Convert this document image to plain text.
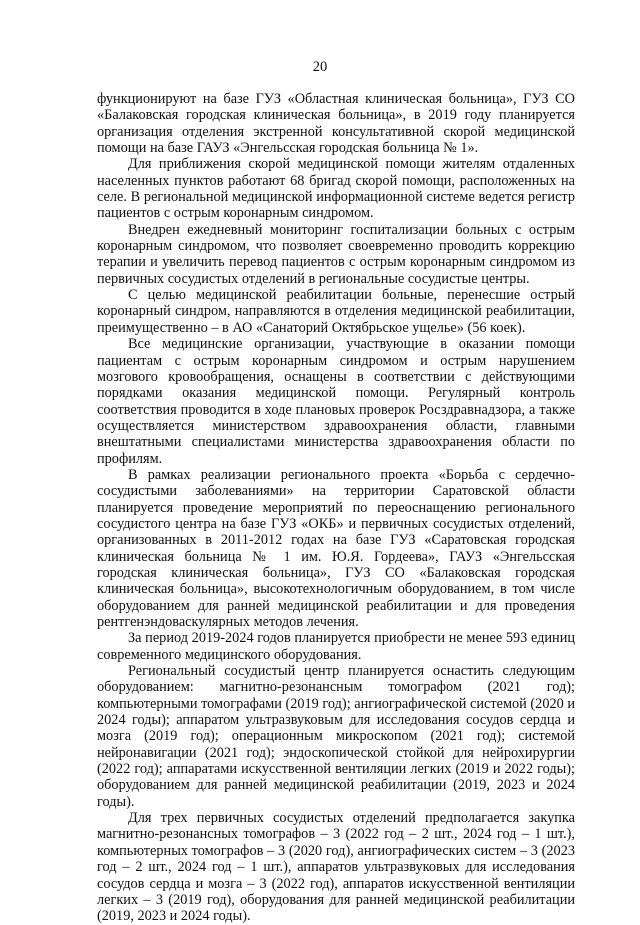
20

функционируют на базе ГУЗ «Областная клиническая больница», ГУЗ СО «Балаковская городская клиническая больница», в 2019 году планируется организация отделения экстренной консультативной скорой медицинской помощи на базе ГАУЗ «Энгельсская городская больница № 1».

Для приближения скорой медицинской помощи жителям отдаленных населенных пунктов работают 68 бригад скорой помощи, расположенных на селе. В региональной медицинской информационной системе ведется регистр пациентов с острым коронарным синдромом.

Внедрен ежедневный мониторинг госпитализации больных с острым коронарным синдромом, что позволяет своевременно проводить коррекцию терапии и увеличить перевод пациентов с острым коронарным синдромом из первичных сосудистых отделений в региональные сосудистые центры.

С целью медицинской реабилитации больные, перенесшие острый коронарный синдром, направляются в отделения медицинской реабилитации, преимущественно – в АО «Санаторий Октябрьское ущелье» (56 коек).

Все медицинские организации, участвующие в оказании помощи пациентам с острым коронарным синдромом и острым нарушением мозгового кровообращения, оснащены в соответствии с действующими порядками оказания медицинской помощи. Регулярный контроль соответствия проводится в ходе плановых проверок Росздравнадзора, а также осуществляется министерством здравоохранения области, главными внештатными специалистами министерства здравоохранения области по профилям.

В рамках реализации регионального проекта «Борьба с сердечно-сосудистыми заболеваниями» на территории Саратовской области планируется проведение мероприятий по переоснащению регионального сосудистого центра на базе ГУЗ «ОКБ» и первичных сосудистых отделений, организованных в 2011-2012 годах на базе ГУЗ «Саратовская городская клиническая больница № 1 им. Ю.Я. Гордеева», ГАУЗ «Энгельсская городская клиническая больница», ГУЗ СО «Балаковская городская клиническая больница», высокотехнологичным оборудованием, в том числе оборудованием для ранней медицинской реабилитации и для проведения рентгенэндоваскулярных методов лечения.

За период 2019-2024 годов планируется приобрести не менее 593 единиц современного медицинского оборудования.

Региональный сосудистый центр планируется оснастить следующим оборудованием: магнитно-резонансным томографом (2021 год); компьютерными томографами (2019 год); ангиографической системой (2020 и 2024 годы); аппаратом ультразвуковым для исследования сосудов сердца и мозга (2019 год); операционным микроскопом (2021 год); системой нейронавигации (2021 год); эндоскопической стойкой для нейрохирургии (2022 год); аппаратами искусственной вентиляции легких (2019 и 2022 годы); оборудованием для ранней медицинской реабилитации (2019, 2023 и 2024 годы).

Для трех первичных сосудистых отделений предполагается закупка магнитно-резонансных томографов – 3 (2022 год – 2 шт., 2024 год – 1 шт.), компьютерных томографов – 3 (2020 год), ангиографических систем – 3 (2023 год – 2 шт., 2024 год – 1 шт.), аппаратов ультразвуковых для исследования сосудов сердца и мозга – 3 (2022 год), аппаратов искусственной вентиляции легких – 3 (2019 год), оборудования для ранней медицинской реабилитации (2019, 2023 и 2024 годы).
